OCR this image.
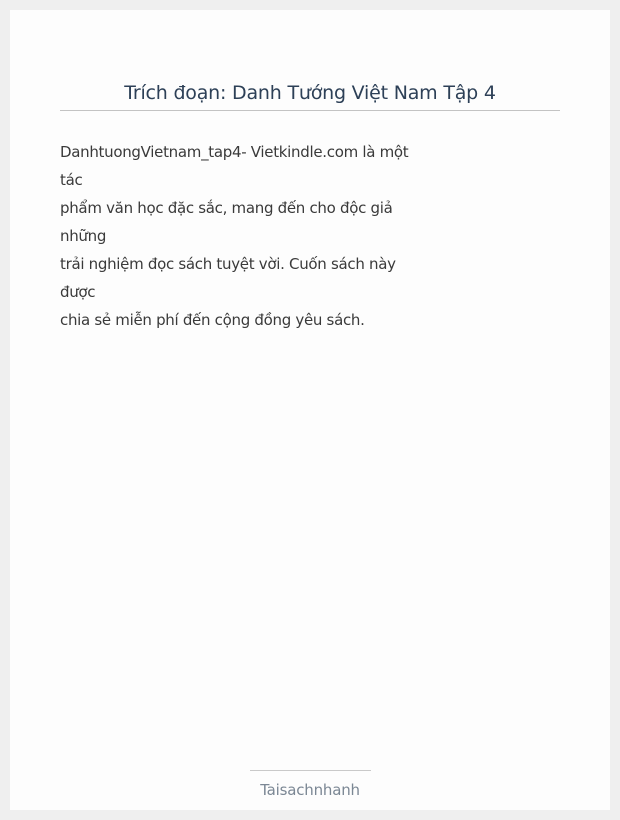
Trích đoạn: Danh Tướng Việt Nam Tập 4
DanhtuongVietnam_tap4- Vietkindle.com là một
tác
phẩm văn học đặc sắc, mang đến cho độc giả
những
trải nghiệm đọc sách tuyệt vời. Cuốn sách này
được
chia sẻ miễn phí đến cộng đồng yêu sách.
Taisachnhanh
